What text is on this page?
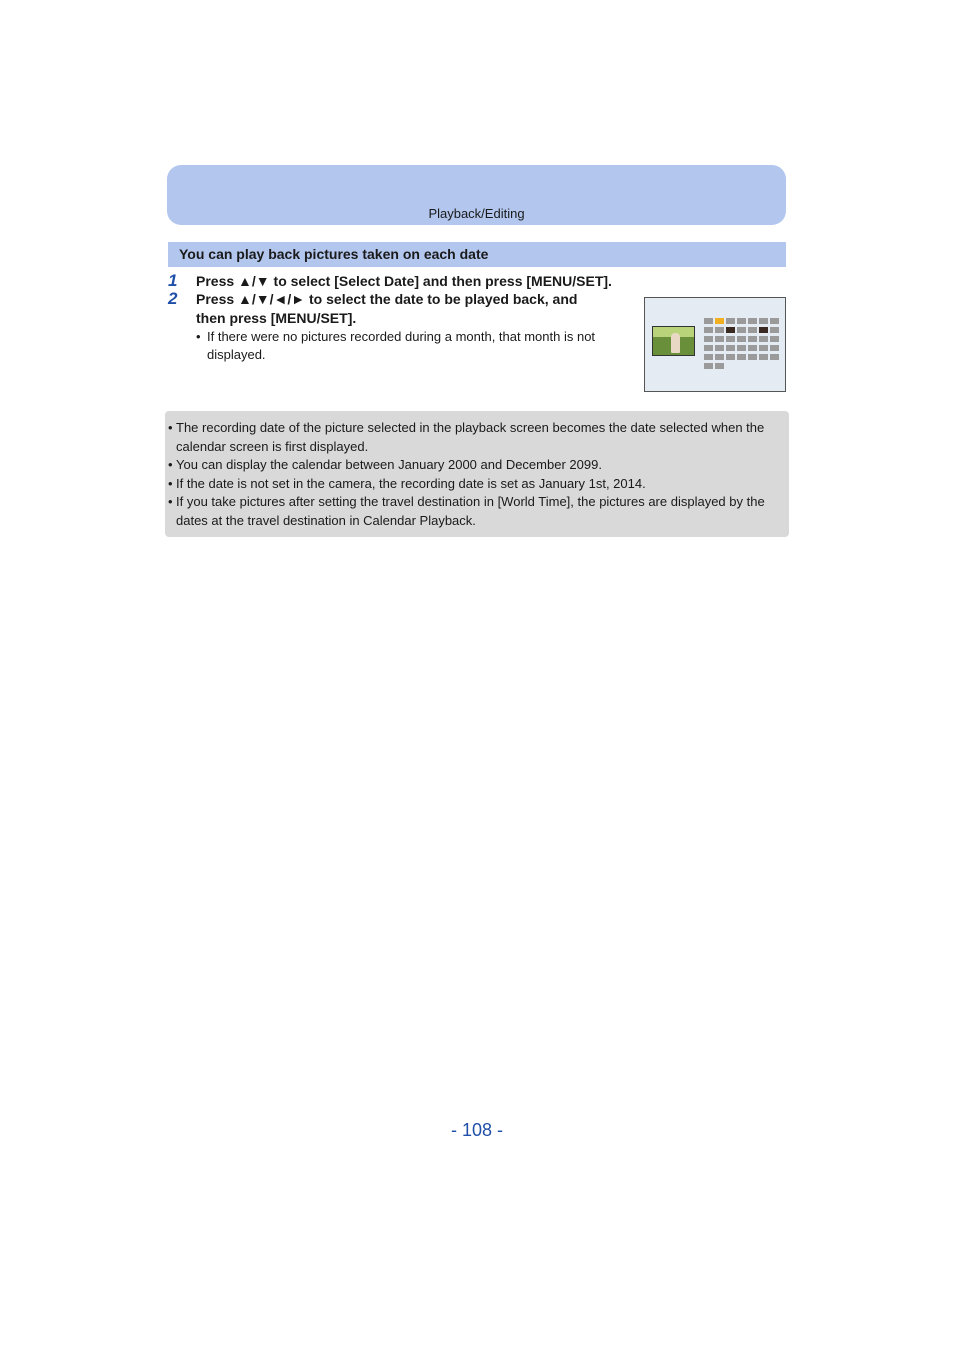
Playback/Editing
You can play back pictures taken on each date
1 Press ▲/▼ to select [Select Date] and then press [MENU/SET].
2 Press ▲/▼/◄/► to select the date to be played back, and
then press [MENU/SET].
• If there were no pictures recorded during a month, that month is not displayed.
• The recording date of the picture selected in the playback screen becomes the date selected when the calendar screen is first displayed.
• You can display the calendar between January 2000 and December 2099.
• If the date is not set in the camera, the recording date is set as January 1st, 2014.
• If you take pictures after setting the travel destination in [World Time], the pictures are displayed by the dates at the travel destination in Calendar Playback.
- 108 -
